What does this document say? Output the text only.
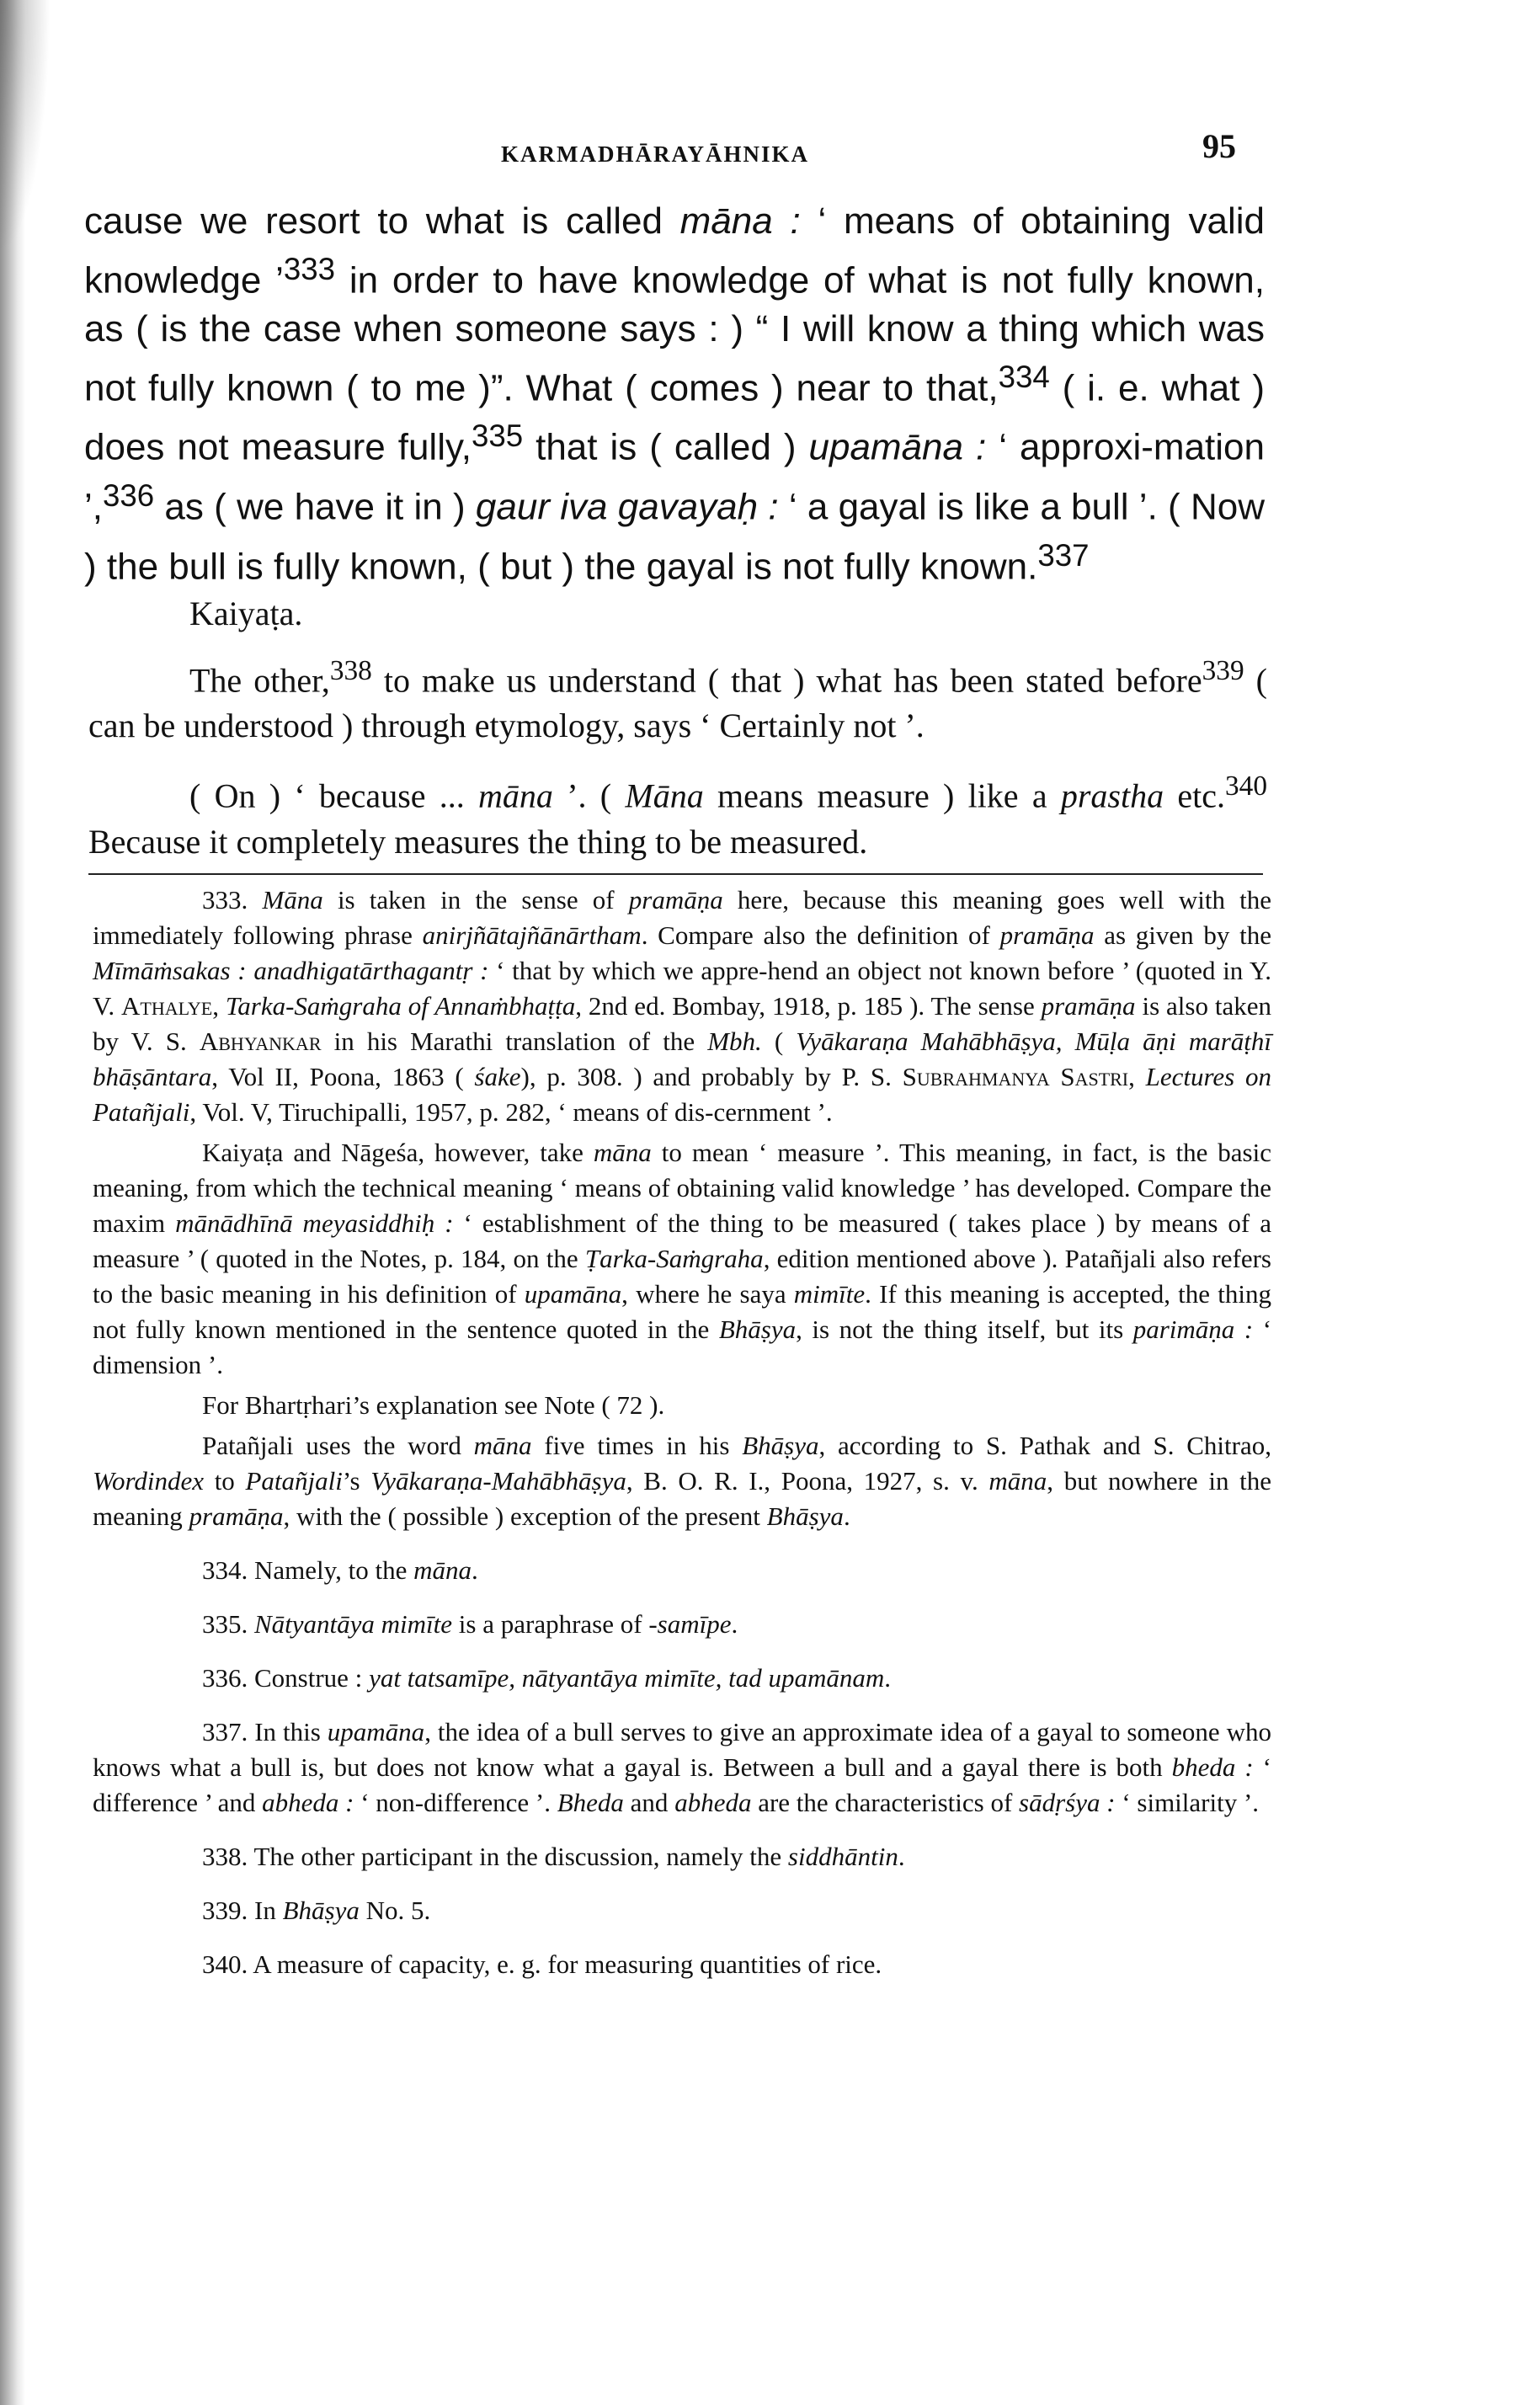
KARMADHĀRAYĀHNIKA	95

cause we resort to what is called māna : ‘ means of obtaining valid knowledge ’$^{333}$ in order to have knowledge of what is not fully known, as ( is the case when someone says : ) “ I will know a thing which was not fully known ( to me )”. What ( comes ) near to that,$^{334}$ ( i. e. what ) does not measure fully,$^{335}$ that is ( called ) upamāna : ‘ approxi-mation ’,$^{336}$ as ( we have it in ) gaur iva gavayaḥ : ‘ a gayal is like a bull ’. ( Now ) the bull is fully known, ( but ) the gayal is not fully known.$^{337}$

Kaiyaṭa.

The other,$^{338}$ to make us understand ( that ) what has been stated before$^{339}$ ( can be understood ) through etymology, says ‘ Certainly not ’.

( On ) ‘ because ... māna ’. ( Māna means measure ) like a prastha etc.$^{340}$ Because it completely measures the thing to be measured.

333. Māna is taken in the sense of pramāṇa here, because this meaning goes well with the immediately following phrase anirjñātajñānārtham. Compare also the definition of pramāṇa as given by the Mīmāṁsakas : anadhigatārthagantṛ : ‘ that by which we appre-hend an object not known before ’ (quoted in Y. V. Athalye, Tarka-Saṁgraha of Annaṁbhaṭṭa, 2nd ed. Bombay, 1918, p. 185 ). The sense pramāṇa is also taken by V. S. Abhyankar in his Marathi translation of the Mbh. ( Vyākaraṇa Mahābhāṣya, Mūḷa āṇi marāṭhī bhāṣāntara, Vol II, Poona, 1863 ( śake), p. 308. ) and probably by P. S. Subrahmanya Sastri, Lectures on Patañjali, Vol. V, Tiruchipalli, 1957, p. 282, ‘ means of dis-cernment ’.

Kaiyaṭa and Nāgeśa, however, take māna to mean ‘ measure ’. This meaning, in fact, is the basic meaning, from which the technical meaning ‘ means of obtaining valid knowledge ’ has developed. Compare the maxim mānādhīnā meyasiddhiḥ : ‘ establishment of the thing to be measured ( takes place ) by means of a measure ’ ( quoted in the Notes, p. 184, on the Ṭarka-Saṁgraha, edition mentioned above ). Patañjali also refers to the basic meaning in his definition of upamāna, where he saya mimīte. If this meaning is accepted, the thing not fully known mentioned in the sentence quoted in the Bhāṣya, is not the thing itself, but its parimāṇa : ‘ dimension ’.

For Bhartṛhari’s explanation see Note ( 72 ).

Patañjali uses the word māna five times in his Bhāṣya, according to S. Pathak and S. Chitrao, Wordindex to Patañjali’s Vyākaraṇa-Mahābhāṣya, B. O. R. I., Poona, 1927, s. v. māna, but nowhere in the meaning pramāṇa, with the ( possible ) exception of the present Bhāṣya.

334. Namely, to the māna.

335. Nātyantāya mimīte is a paraphrase of -samīpe.

336. Construe : yat tatsamīpe, nātyantāya mimīte, tad upamānam.

337. In this upamāna, the idea of a bull serves to give an approximate idea of a gayal to someone who knows what a bull is, but does not know what a gayal is. Between a bull and a gayal there is both bheda : ‘ difference ’ and abheda : ‘ non-difference ’. Bheda and abheda are the characteristics of sādṛśya : ‘ similarity ’.

338. The other participant in the discussion, namely the siddhāntin.

339. In Bhāṣya No. 5.

340. A measure of capacity, e. g. for measuring quantities of rice.
